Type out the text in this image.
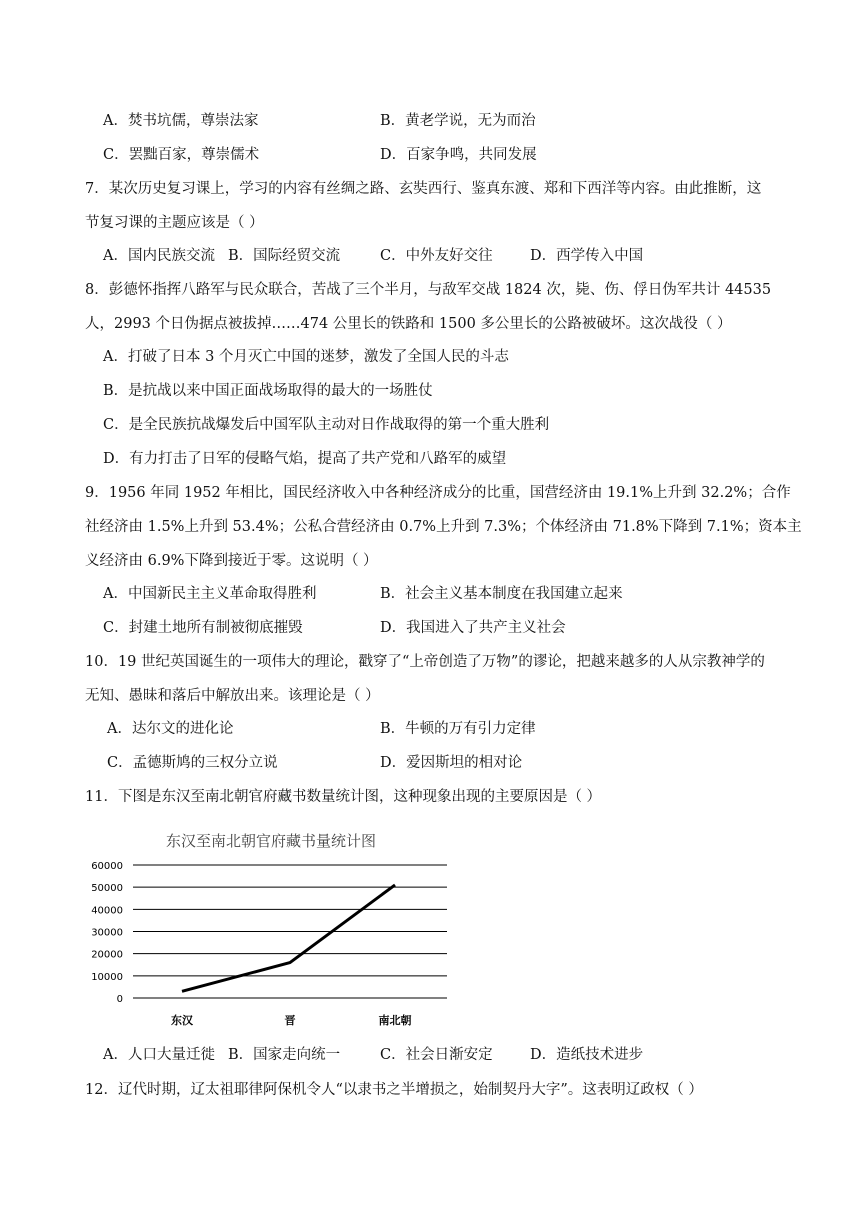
A．焚书坑儒，尊崇法家	B．黄老学说，无为而治
C．罢黜百家，尊崇儒术	D．百家争鸣，共同发展
7．某次历史复习课上，学习的内容有丝绸之路、玄奘西行、鉴真东渡、郑和下西洋等内容。由此推断，这
节复习课的主题应该是（ ）
A．国内民族交流 B．国际经贸交流	C．中外友好交往	D．西学传入中国
8．彭德怀指挥八路军与民众联合，苦战了三个半月，与敌军交战 1824 次，毙、伤、俘日伪军共计 44535
人，2993 个日伪据点被拔掉……474 公里长的铁路和 1500 多公里长的公路被破坏。这次战役（ ）
A．打破了日本 3 个月灭亡中国的迷梦，激发了全国人民的斗志
B．是抗战以来中国正面战场取得的最大的一场胜仗
C．是全民族抗战爆发后中国军队主动对日作战取得的第一个重大胜利
D．有力打击了日军的侵略气焰，提高了共产党和八路军的威望
9．1956 年同 1952 年相比，国民经济收入中各种经济成分的比重，国营经济由 19.1%上升到 32.2%；合作
社经济由 1.5%上升到 53.4%；公私合营经济由 0.7%上升到 7.3%；个体经济由 71.8%下降到 7.1%；资本主
义经济由 6.9%下降到接近于零。这说明（ ）
A．中国新民主主义革命取得胜利	B．社会主义基本制度在我国建立起来
C．封建土地所有制被彻底摧毁	D．我国进入了共产主义社会
10．19 世纪英国诞生的一项伟大的理论，戳穿了“上帝创造了万物”的谬论，把越来越多的人从宗教神学的
无知、愚昧和落后中解放出来。该理论是（ ）
A．达尔文的进化论	B．牛顿的万有引力定律
C．孟德斯鸠的三权分立说	D．爱因斯坦的相对论
11．下图是东汉至南北朝官府藏书数量统计图，这种现象出现的主要原因是（ ）
东汉至南北朝官府藏书量统计图
60000
50000
40000
30000
20000
10000
0
东汉	晋	南北朝
A．人口大量迁徙 B．国家走向统一	C．社会日渐安定	D．造纸技术进步
12．辽代时期，辽太祖耶律阿保机令人“以隶书之半增损之，始制契丹大字”。这表明辽政权（ ）
